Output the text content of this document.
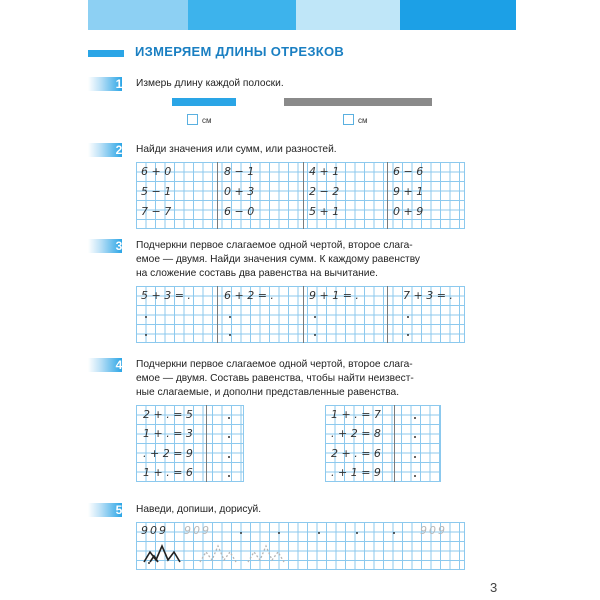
ИЗМЕРЯЕМ ДЛИНЫ ОТРЕЗКОВ
1 Измерь длину каждой полоски.
см	см
2 Найди значения или сумм, или разностей.
6 + 0	8 − 1	4 + 1	6 − 6
5 − 1	0 + 3	2 − 2	9 + 1
7 − 7	6 − 0	5 + 1	0 + 9
3 Подчеркни первое слагаемое одной чертой, второе слага-
емое — двумя. Найди значения сумм. К каждому равенству
на сложение составь два равенства на вычитание.
5 + 3 = .	6 + 2 = .	9 + 1 = .	7 + 3 = .
4 Подчеркни первое слагаемое одной чертой, второе слага-
емое — двумя. Составь равенства, чтобы найти неизвест-
ные слагаемые, и дополни представленные равенства.
2 + . = 5
1 + . = 3
. + 2 = 9
1 + . = 6
1 + . = 7
. + 2 = 8
2 + . = 6
. + 1 = 9
5 Наведи, допиши, дорисуй.
909 909	909
3
